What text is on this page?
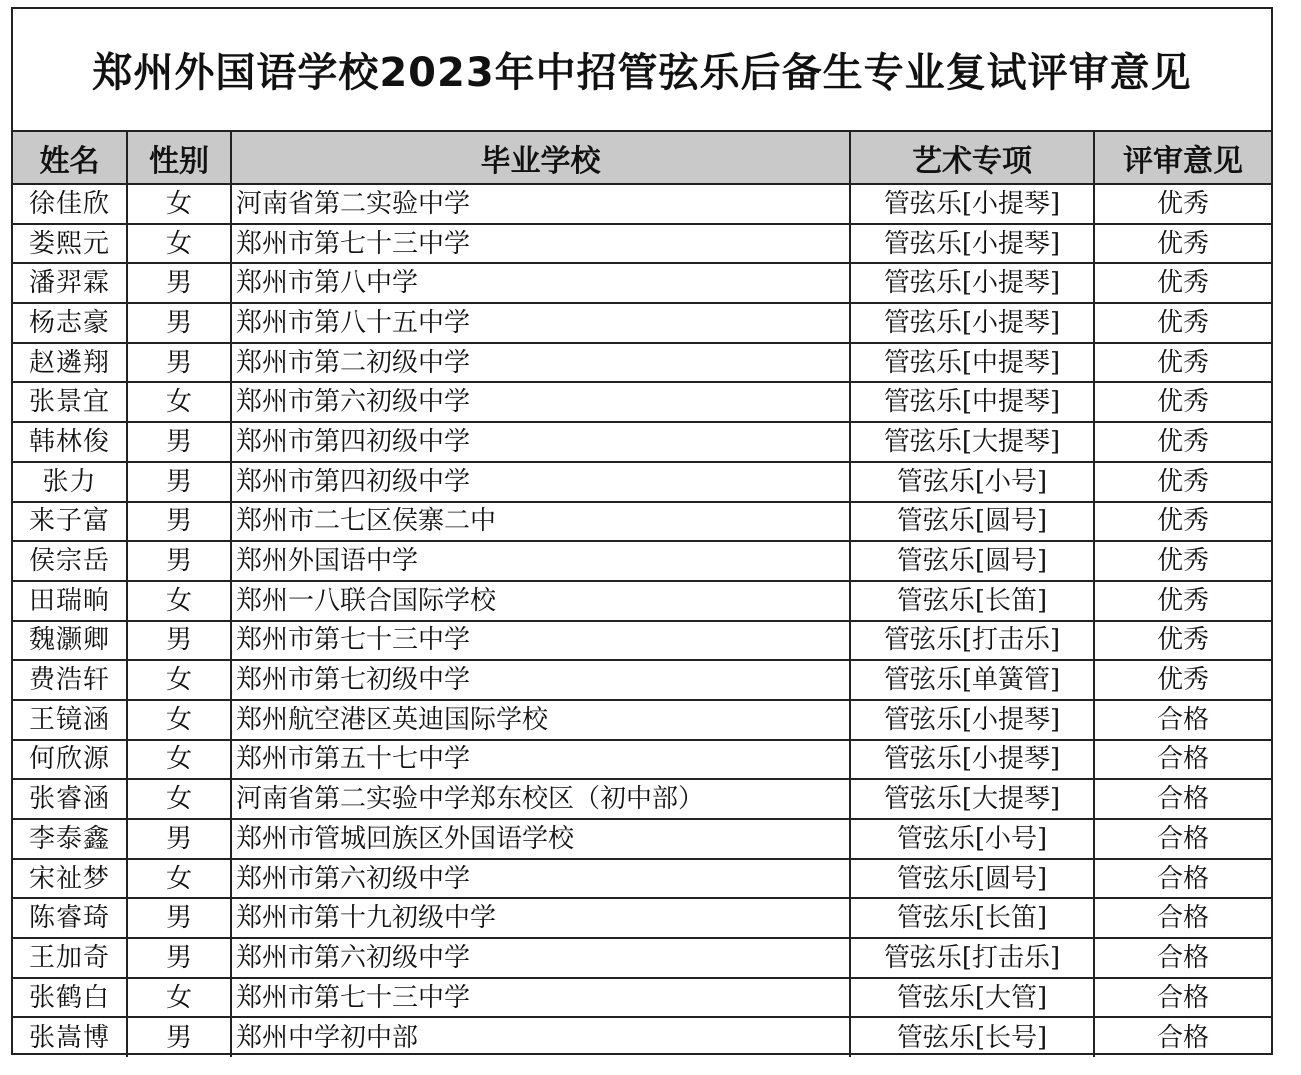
郑州外国语学校2023年中招管弦乐后备生专业复试评审意见
姓名	性别	毕业学校	艺术专项	评审意见
徐佳欣	女	河南省第二实验中学	管弦乐[小提琴]	优秀
娄熙元	女	郑州市第七十三中学	管弦乐[小提琴]	优秀
潘羿霖	男	郑州市第八中学	管弦乐[小提琴]	优秀
杨志豪	男	郑州市第八十五中学	管弦乐[小提琴]	优秀
赵遴翔	男	郑州市第二初级中学	管弦乐[中提琴]	优秀
张景宜	女	郑州市第六初级中学	管弦乐[中提琴]	优秀
韩林俊	男	郑州市第四初级中学	管弦乐[大提琴]	优秀
张力	男	郑州市第四初级中学	管弦乐[小号]	优秀
来子富	男	郑州市二七区侯寨二中	管弦乐[圆号]	优秀
侯宗岳	男	郑州外国语中学	管弦乐[圆号]	优秀
田瑞晌	女	郑州一八联合国际学校	管弦乐[长笛]	优秀
魏灏卿	男	郑州市第七十三中学	管弦乐[打击乐]	优秀
费浩轩	女	郑州市第七初级中学	管弦乐[单簧管]	优秀
王镜涵	女	郑州航空港区英迪国际学校	管弦乐[小提琴]	合格
何欣源	女	郑州市第五十七中学	管弦乐[小提琴]	合格
张睿涵	女	河南省第二实验中学郑东校区（初中部）	管弦乐[大提琴]	合格
李泰鑫	男	郑州市管城回族区外国语学校	管弦乐[小号]	合格
宋祉梦	女	郑州市第六初级中学	管弦乐[圆号]	合格
陈睿琦	男	郑州市第十九初级中学	管弦乐[长笛]	合格
王加奇	男	郑州市第六初级中学	管弦乐[打击乐]	合格
张鹤白	女	郑州市第七十三中学	管弦乐[大管]	合格
张嵩博	男	郑州中学初中部	管弦乐[长号]	合格
